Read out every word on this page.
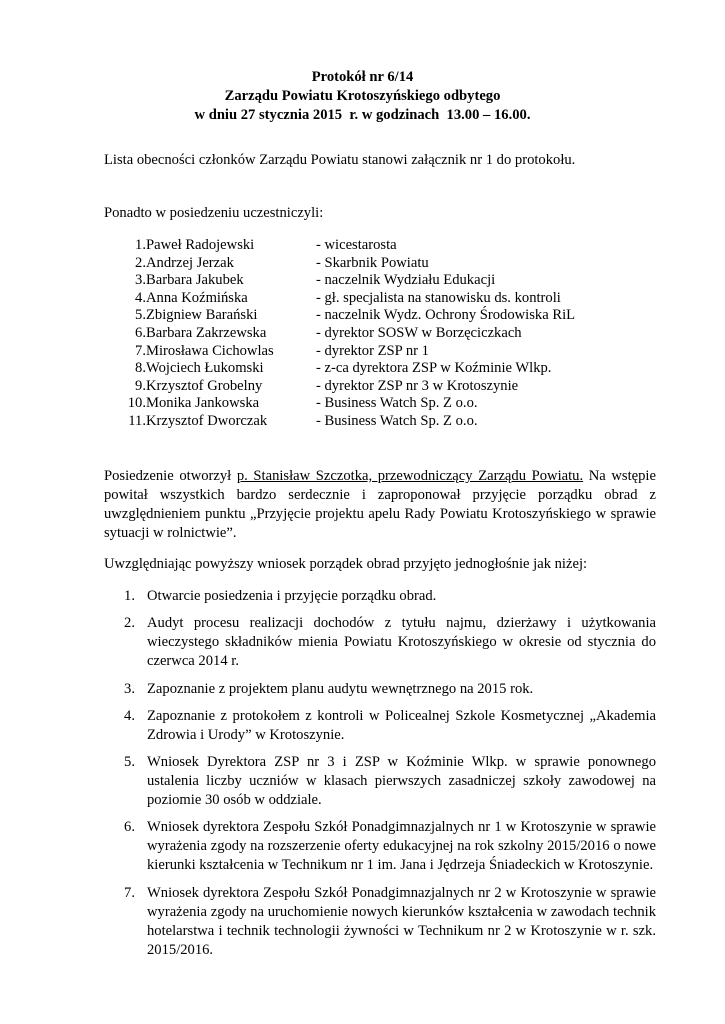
Protokół nr 6/14
Zarządu Powiatu Krotoszyńskiego odbytego
w dniu 27 stycznia 2015  r. w godzinach  13.00 – 16.00.
Lista obecności członków Zarządu Powiatu stanowi załącznik nr 1 do protokołu.
Ponadto w posiedzeniu uczestniczyli:
1. Paweł Radojewski	- wicestarosta
2. Andrzej Jerzak	- Skarbnik Powiatu
3. Barbara Jakubek	- naczelnik Wydziału Edukacji
4. Anna Koźmińska	- gł. specjalista na stanowisku ds. kontroli
5. Zbigniew Barański	- naczelnik Wydz. Ochrony Środowiska RiL
6. Barbara Zakrzewska	- dyrektor SOSW w Borzęciczkach
7. Mirosława Cichowlas	- dyrektor ZSP nr 1
8. Wojciech Łukomski	- z-ca dyrektora ZSP w Koźminie Wlkp.
9. Krzysztof Grobelny	- dyrektor ZSP nr 3 w Krotoszynie
10. Monika Jankowska	- Business Watch Sp. Z o.o.
11. Krzysztof Dworczak	- Business Watch Sp. Z o.o.
Posiedzenie otworzył p. Stanisław Szczotka, przewodniczący Zarządu Powiatu. Na wstępie powitał wszystkich bardzo serdecznie i zaproponował przyjęcie porządku obrad z uwzględnieniem punktu „Przyjęcie projektu apelu Rady Powiatu Krotoszyńskiego w sprawie sytuacji w rolnictwie”.
Uwzględniając powyższy wniosek porządek obrad przyjęto jednogłośnie jak niżej:
1. Otwarcie posiedzenia i przyjęcie porządku obrad.
2. Audyt procesu realizacji dochodów z tytułu najmu, dzierżawy i użytkowania wieczystego składników mienia Powiatu Krotoszyńskiego w okresie od stycznia do czerwca 2014 r.
3. Zapoznanie z projektem planu audytu wewnętrznego na 2015 rok.
4. Zapoznanie z protokołem z kontroli w Policealnej Szkole Kosmetycznej „Akademia Zdrowia i Urody” w Krotoszynie.
5. Wniosek Dyrektora ZSP nr 3 i ZSP w Koźminie Wlkp. w sprawie ponownego ustalenia liczby uczniów w klasach pierwszych zasadniczej szkoły zawodowej na poziomie 30 osób w oddziale.
6. Wniosek dyrektora Zespołu Szkół Ponadgimnazjalnych nr 1 w Krotoszynie w sprawie wyrażenia zgody na rozszerzenie oferty edukacyjnej na rok szkolny 2015/2016 o nowe kierunki kształcenia w Technikum nr 1 im. Jana i Jędrzeja Śniadeckich w Krotoszynie.
7. Wniosek dyrektora Zespołu Szkół Ponadgimnazjalnych nr 2 w Krotoszynie w sprawie wyrażenia zgody na uruchomienie nowych kierunków kształcenia w zawodach technik hotelarstwa i technik technologii żywności w Technikum nr 2 w Krotoszynie w r. szk. 2015/2016.
